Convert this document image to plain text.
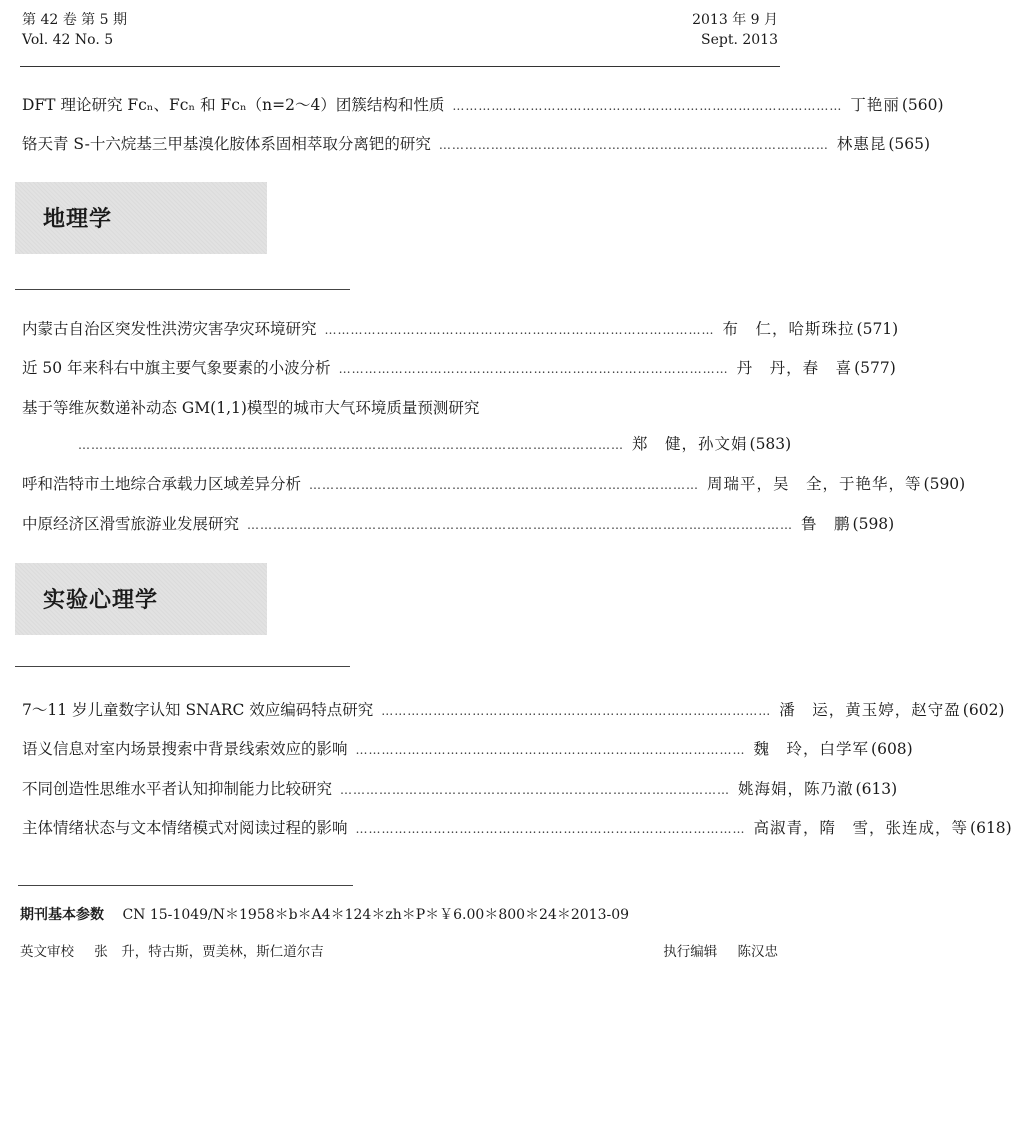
第 42 卷 第 5 期
Vol. 42 No. 5
2013 年 9 月
Sept. 2013
DFT 理论研究 Fcₙ、Fcₙ 和 Fcₙ（n=2～4）团簇结构和性质 ……………………………………………………………………………… 丁艳丽 (560)
铬天青 S-十六烷基三甲基溴化胺体系固相萃取分离钯的研究 ……………………………………………………………………………… 林惠昆 (565)
地理学
内蒙古自治区突发性洪涝灾害孕灾环境研究 ……………………………………………………………………………… 布　仁，哈斯珠拉 (571)
近 50 年来科右中旗主要气象要素的小波分析 ……………………………………………………………………………… 丹　丹，春　喜 (577)
基于等维灰数递补动态 GM(1,1)模型的城市大气环境质量预测研究
……………………………………………………………………………………………………………… 郑　健，孙文娟 (583)
呼和浩特市土地综合承载力区域差异分析 ……………………………………………………………………………… 周瑞平，吴　全，于艳华，等 (590)
中原经济区滑雪旅游业发展研究 ……………………………………………………………………………………………………………… 鲁　鹏 (598)
实验心理学
7～11 岁儿童数字认知 SNARC 效应编码特点研究 ……………………………………………………………………………… 潘　运，黄玉婷，赵守盈 (602)
语义信息对室内场景搜索中背景线索效应的影响 ……………………………………………………………………………… 魏　玲，白学军 (608)
不同创造性思维水平者认知抑制能力比较研究 ……………………………………………………………………………… 姚海娟，陈乃澈 (613)
主体情绪状态与文本情绪模式对阅读过程的影响 ……………………………………………………………………………… 高淑青，隋　雪，张连成，等 (618)
期刊基本参数 CN 15-1049/N＊1958＊b＊A4＊124＊zh＊P＊￥6.00＊800＊24＊2013-09
英文审校 张　升，特古斯，贾美林，斯仁道尔吉	执行编辑 陈汉忠
